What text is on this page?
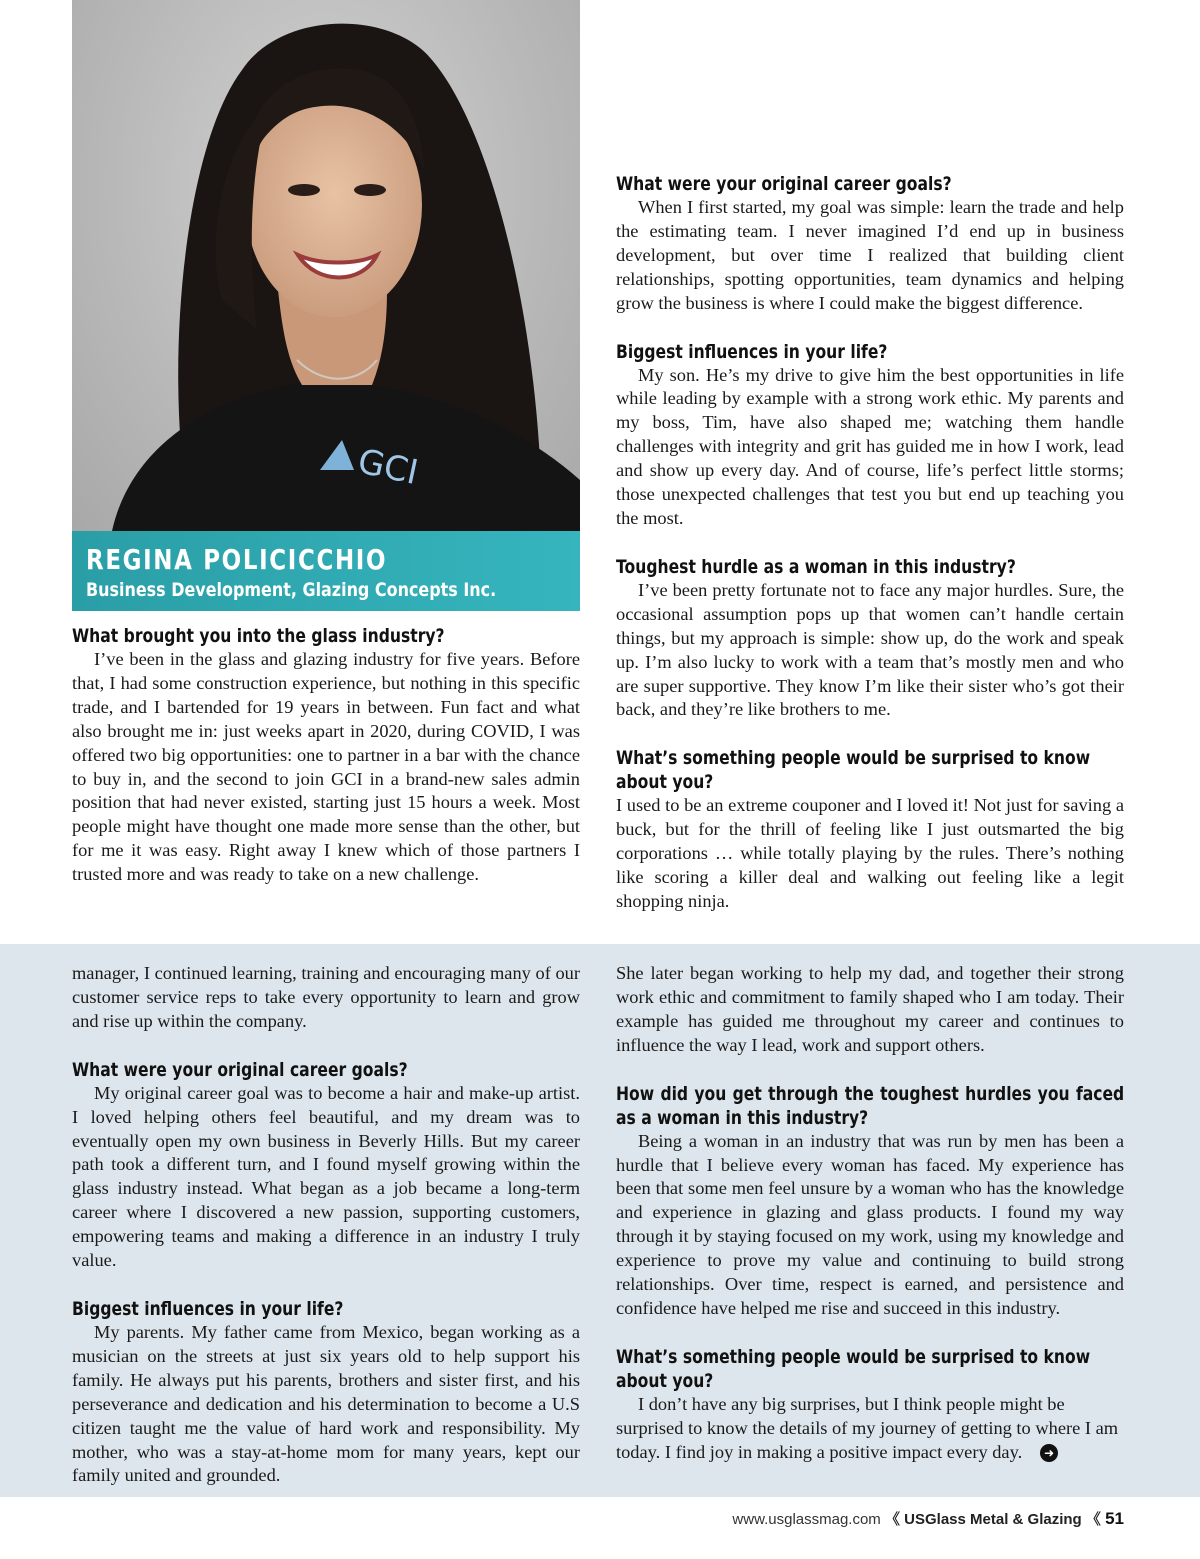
GCI
REGINA POLICICCHIO
Business Development, Glazing Concepts Inc.
What brought you into the glass industry?

I’ve been in the glass and glazing industry for five years. Before that, I had some construction experience, but nothing in this specific trade, and I bartended for 19 years in between. Fun fact and what also brought me in: just weeks apart in 2020, during COVID, I was offered two big opportunities: one to partner in a bar with the chance to buy in, and the second to join GCI in a brand-new sales admin position that had never existed, starting just 15 hours a week. Most people might have thought one made more sense than the other, but for me it was easy. Right away I knew which of those partners I trusted more and was ready to take on a new challenge.

What were your original career goals?

When I first started, my goal was simple: learn the trade and help the estimating team. I never imagined I’d end up in business development, but over time I realized that building client relationships, spotting opportunities, team dynamics and helping grow the business is where I could make the biggest difference.

Biggest influences in your life?

My son. He’s my drive to give him the best opportunities in life while leading by example with a strong work ethic. My parents and my boss, Tim, have also shaped me; watching them handle challenges with integrity and grit has guided me in how I work, lead and show up every day. And of course, life’s perfect little storms; those unexpected challenges that test you but end up teaching you the most.

Toughest hurdle as a woman in this industry?

I’ve been pretty fortunate not to face any major hurdles. Sure, the occasional assumption pops up that women can’t handle certain things, but my approach is simple: show up, do the work and speak up. I’m also lucky to work with a team that’s mostly men and who are super supportive. They know I’m like their sister who’s got their back, and they’re like brothers to me.

What’s something people would be surprised to know about you?

I used to be an extreme couponer and I loved it! Not just for saving a buck, but for the thrill of feeling like I just outsmarted the big corporations … while totally playing by the rules. There’s nothing like scoring a killer deal and walking out feeling like a legit shopping ninja.

manager, I continued learning, training and encouraging many of our customer service reps to take every opportunity to learn and grow and rise up within the company.

What were your original career goals?

My original career goal was to become a hair and make-up artist. I loved helping others feel beautiful, and my dream was to eventually open my own business in Beverly Hills. But my career path took a different turn, and I found myself growing within the glass industry instead. What began as a job became a long-term career where I discovered a new passion, supporting customers, empowering teams and making a difference in an industry I truly value.

Biggest influences in your life?

My parents. My father came from Mexico, began working as a musician on the streets at just six years old to help support his family. He always put his parents, brothers and sister first, and his perseverance and dedication and his determination to become a U.S citizen taught me the value of hard work and responsibility. My mother, who was a stay-at-home mom for many years, kept our family united and grounded.

She later began working to help my dad, and together their strong work ethic and commitment to family shaped who I am today. Their example has guided me throughout my career and continues to influence the way I lead, work and support others.

How did you get through the toughest hurdles you faced as a woman in this industry?

Being a woman in an industry that was run by men has been a hurdle that I believe every woman has faced. My experience has been that some men feel unsure by a woman who has the knowledge and experience in glazing and glass products. I found my way through it by staying focused on my work, using my knowledge and experience to prove my value and continuing to build strong relationships. Over time, respect is earned, and persistence and confidence have helped me rise and succeed in this industry.

What’s something people would be surprised to know about you?

I don’t have any big surprises, but I think people might be surprised to know the details of my journey of getting to where I am today. I find joy in making a positive impact every day. ➜

www.usglassmag.com 《 USGlass Metal & Glazing 《 51
